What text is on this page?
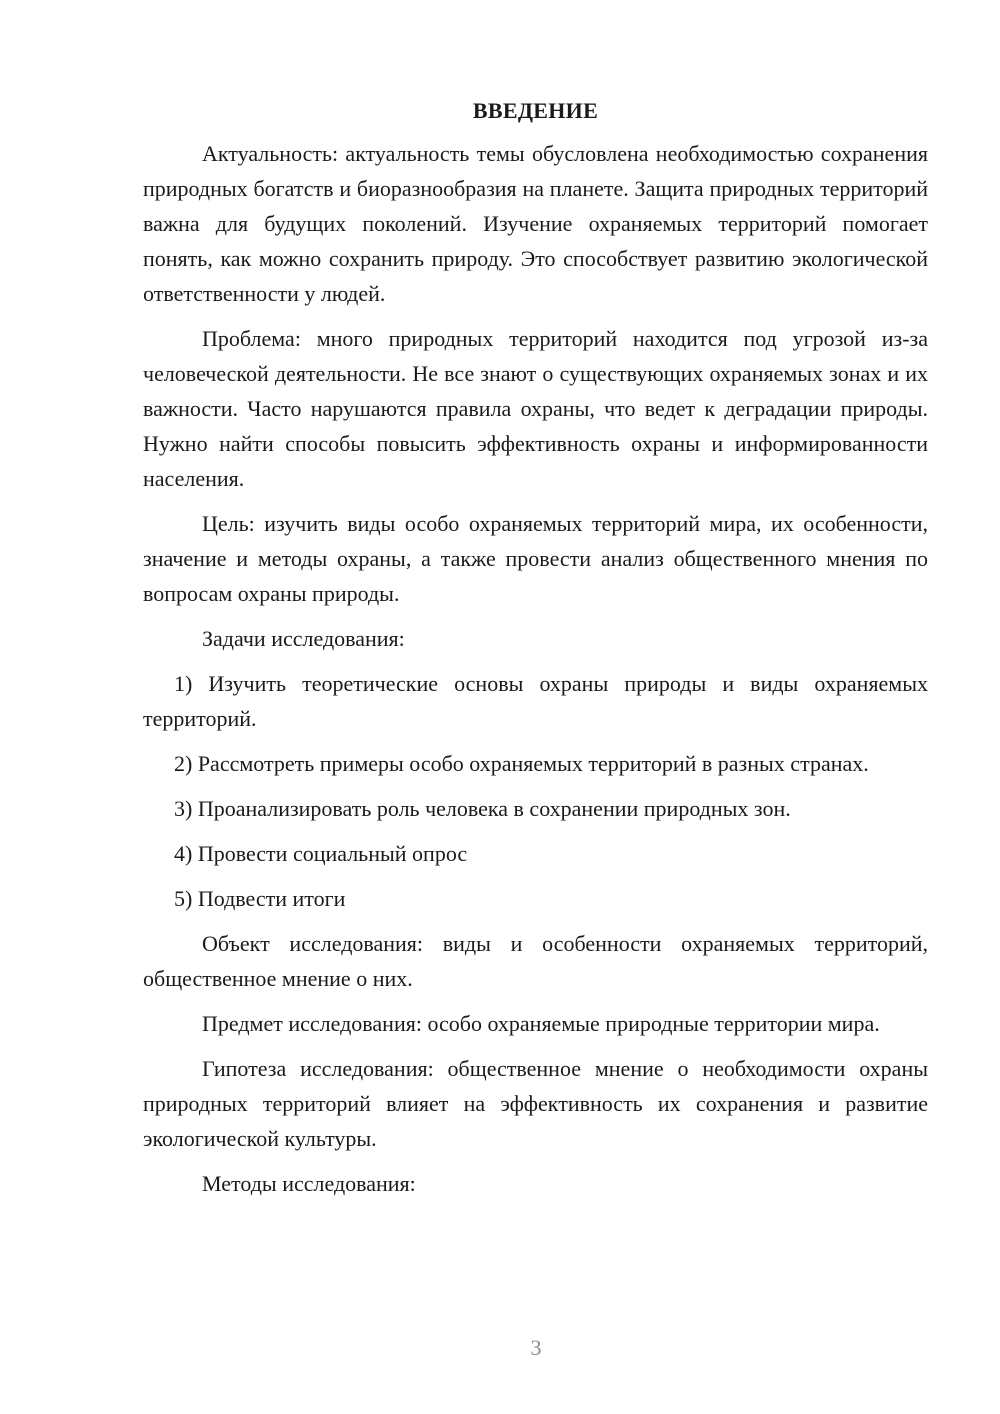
ВВЕДЕНИЕ

Актуальность: актуальность темы обусловлена необходимостью сохранения природных богатств и биоразнообразия на планете. Защита природных территорий важна для будущих поколений. Изучение охраняемых территорий помогает понять, как можно сохранить природу. Это способствует развитию экологической ответственности у людей.

Проблема: много природных территорий находится под угрозой из-за человеческой деятельности. Не все знают о существующих охраняемых зонах и их важности. Часто нарушаются правила охраны, что ведет к деградации природы. Нужно найти способы повысить эффективность охраны и информированности населения.

Цель: изучить виды особо охраняемых территорий мира, их особенности, значение и методы охраны, а также провести анализ общественного мнения по вопросам охраны природы.

Задачи исследования:

1) Изучить теоретические основы охраны природы и виды охраняемых территорий.

2) Рассмотреть примеры особо охраняемых территорий в разных странах.

3) Проанализировать роль человека в сохранении природных зон.

4) Провести социальный опрос

5) Подвести итоги

Объект исследования: виды и особенности охраняемых территорий, общественное мнение о них.

Предмет исследования: особо охраняемые природные территории мира.

Гипотеза исследования: общественное мнение о необходимости охраны природных территорий влияет на эффективность их сохранения и развитие экологической культуры.

Методы исследования:

3
